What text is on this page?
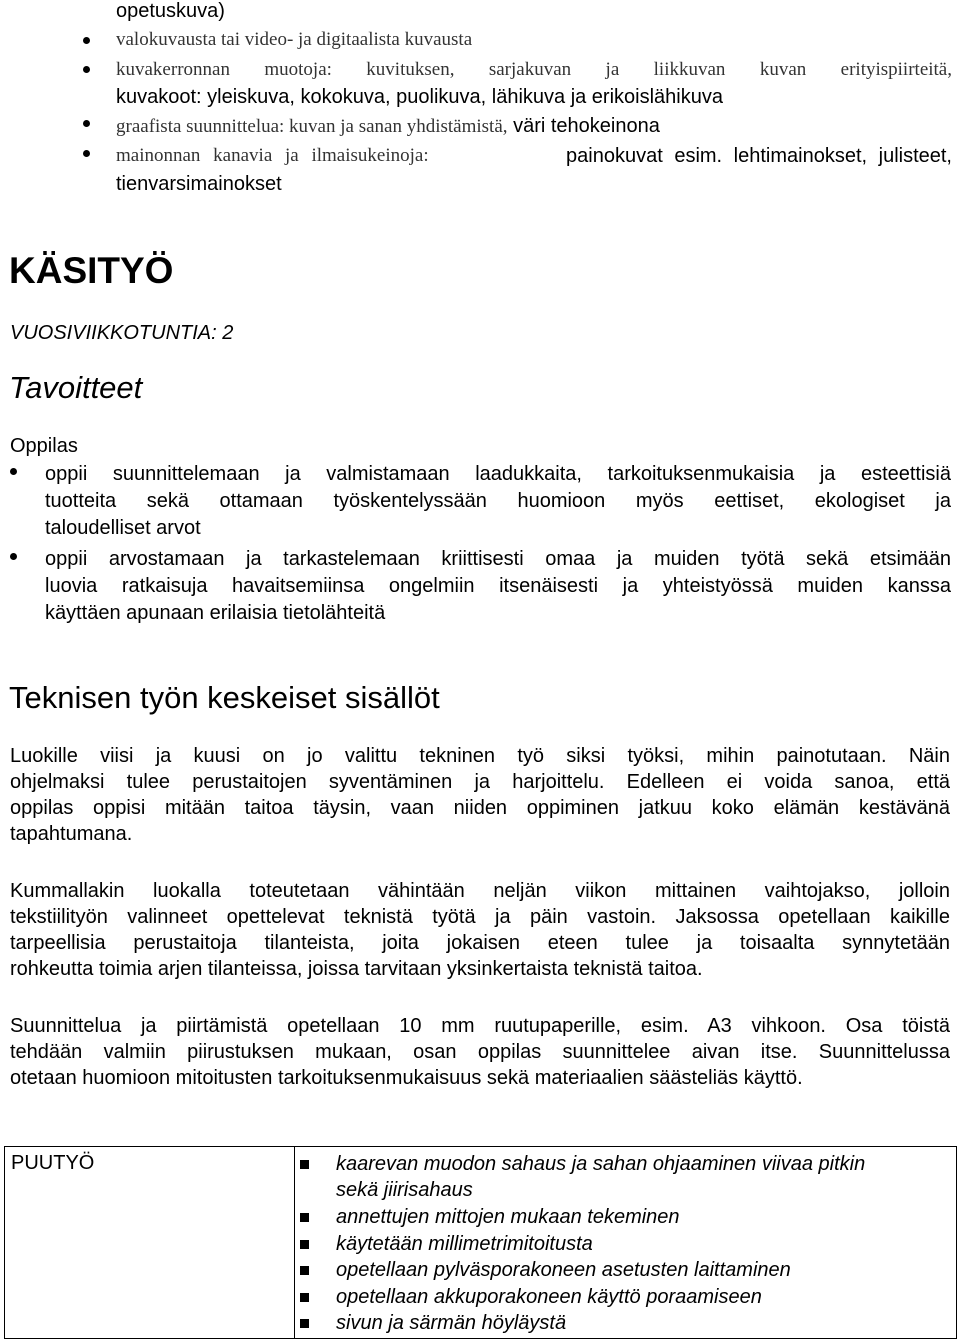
opetuskuva)
valokuvausta tai video- ja digitaalista kuvausta
kuvakerronnan muotoja: kuvituksen, sarjakuvan ja liikkuvan kuvan erityispiirteitä,
kuvakoot: yleiskuva, kokokuva, puolikuva, lähikuva ja erikoislähikuva
graafista suunnittelua: kuvan ja sanan yhdistämistä, väri tehokeinona
mainonnan kanavia ja ilmaisukeinoja:	painokuvat esim. lehtimainokset, julisteet,
tienvarsimainokset
KÄSITYÖ
VUOSIVIIKKOTUNTIA: 2
Tavoitteet
Oppilas
oppii suunnittelemaan ja valmistamaan laadukkaita, tarkoituksenmukaisia ja esteettisiä
tuotteita sekä ottamaan työskentelyssään huomioon myös eettiset, ekologiset ja
taloudelliset arvot
oppii arvostamaan ja tarkastelemaan kriittisesti omaa ja muiden työtä sekä etsimään
luovia ratkaisuja havaitsemiinsa ongelmiin itsenäisesti ja yhteistyössä muiden kanssa
käyttäen apunaan erilaisia tietolähteitä
Teknisen työn keskeiset sisällöt

Luokille viisi ja kuusi on jo valittu tekninen työ siksi työksi, mihin painotutaan. Näin

ohjelmaksi tulee perustaitojen syventäminen ja harjoittelu. Edelleen ei voida sanoa, että

oppilas oppisi mitään taitoa täysin, vaan niiden oppiminen jatkuu koko elämän kestävänä

tapahtumana.

Kummallakin luokalla toteutetaan vähintään neljän viikon mittainen vaihtojakso, jolloin

tekstiilityön valinneet opettelevat teknistä työtä ja päin vastoin. Jaksossa opetellaan kaikille

tarpeellisia perustaitoja tilanteista, joita jokaisen eteen tulee ja toisaalta synnytetään

rohkeutta toimia arjen tilanteissa, joissa tarvitaan yksinkertaista teknistä taitoa.

Suunnittelua ja piirtämistä opetellaan 10 mm ruutupaperille, esim. A3 vihkoon. Osa töistä

tehdään valmiin piirustuksen mukaan, osan oppilas suunnittelee aivan itse. Suunnittelussa

otetaan huomioon mitoitusten tarkoituksenmukaisuus sekä materiaalien säästeliäs käyttö.

PUUTYÖ	kaarevan muodon sahaus ja sahan ohjaaminen viivaa pitkin
sekä jiirisahaus
annettujen mittojen mukaan tekeminen
käytetään millimetrimitoitusta
opetellaan pylväsporakoneen asetusten laittaminen
opetellaan akkuporakoneen käyttö poraamiseen
sivun ja särmän höyläystä
